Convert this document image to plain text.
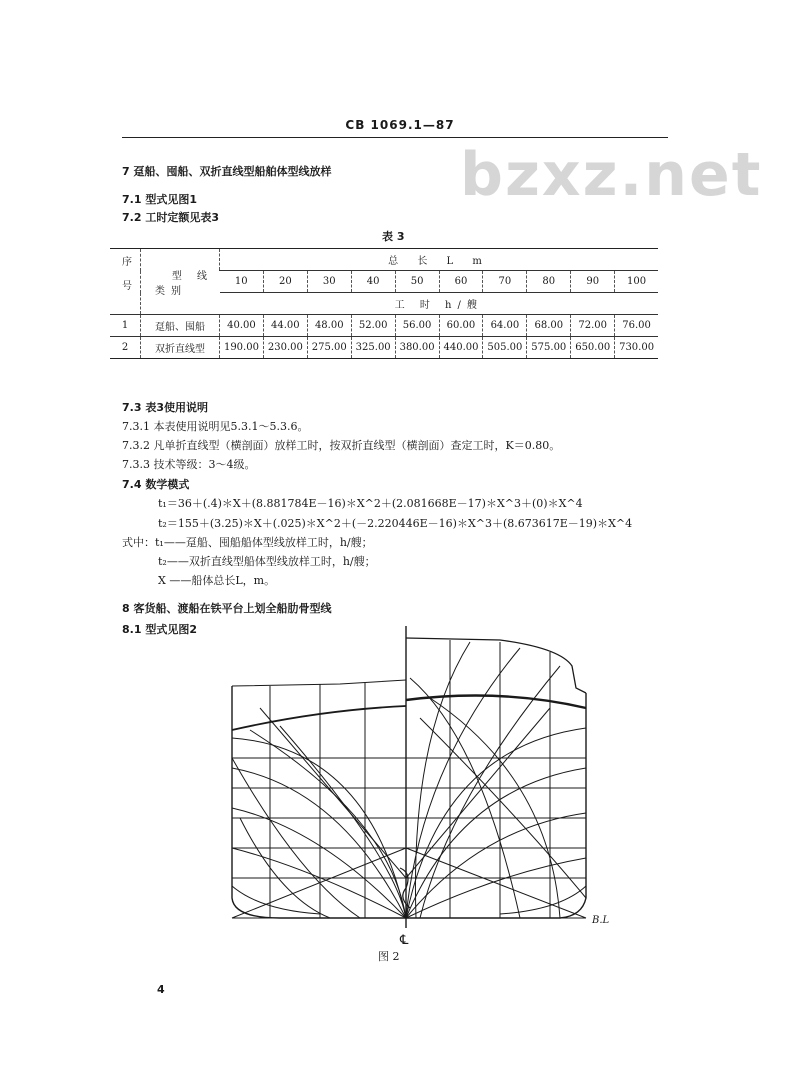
CB 1069.1—87
bzxz.net
7 趸船、囤船、双折直线型船舶体型线放样
7.1 型式见图1
7.2 工时定额见表3
表 3
序号	型 线
类别	总 长 L m									
		10	20	30	40	50	60	70	80	90	100
		工 时 h/艘									
1	趸船、囤船	40.00	44.00	48.00	52.00	56.00	60.00	64.00	68.00	72.00	76.00
2	双折直线型	190.00	230.00	275.00	325.00	380.00	440.00	505.00	575.00	650.00	730.00
7.3 表3使用说明
7.3.1 本表使用说明见5.3.1～5.3.6。
7.3.2 凡单折直线型（横剖面）放样工时，按双折直线型（横剖面）查定工时，K＝0.80。
7.3.3 技术等级：3～4级。
7.4 数学模式
t₁＝36＋(.4)＊X＋(8.881784E－16)＊X^2＋(2.081668E－17)＊X^3＋(0)＊X^4
t₂＝155＋(3.25)＊X＋(.025)＊X^2＋(－2.220446E－16)＊X^3＋(8.673617E－19)＊X^4
式中：t₁——趸船、囤船船体型线放样工时，h/艘；
t₂——双折直线型船体型线放样工时，h/艘；
X ——船体总长L，m。
8 客货船、渡船在铁平台上划全船肋骨型线
8.1 型式见图2
B.L
℄
图 2
4
